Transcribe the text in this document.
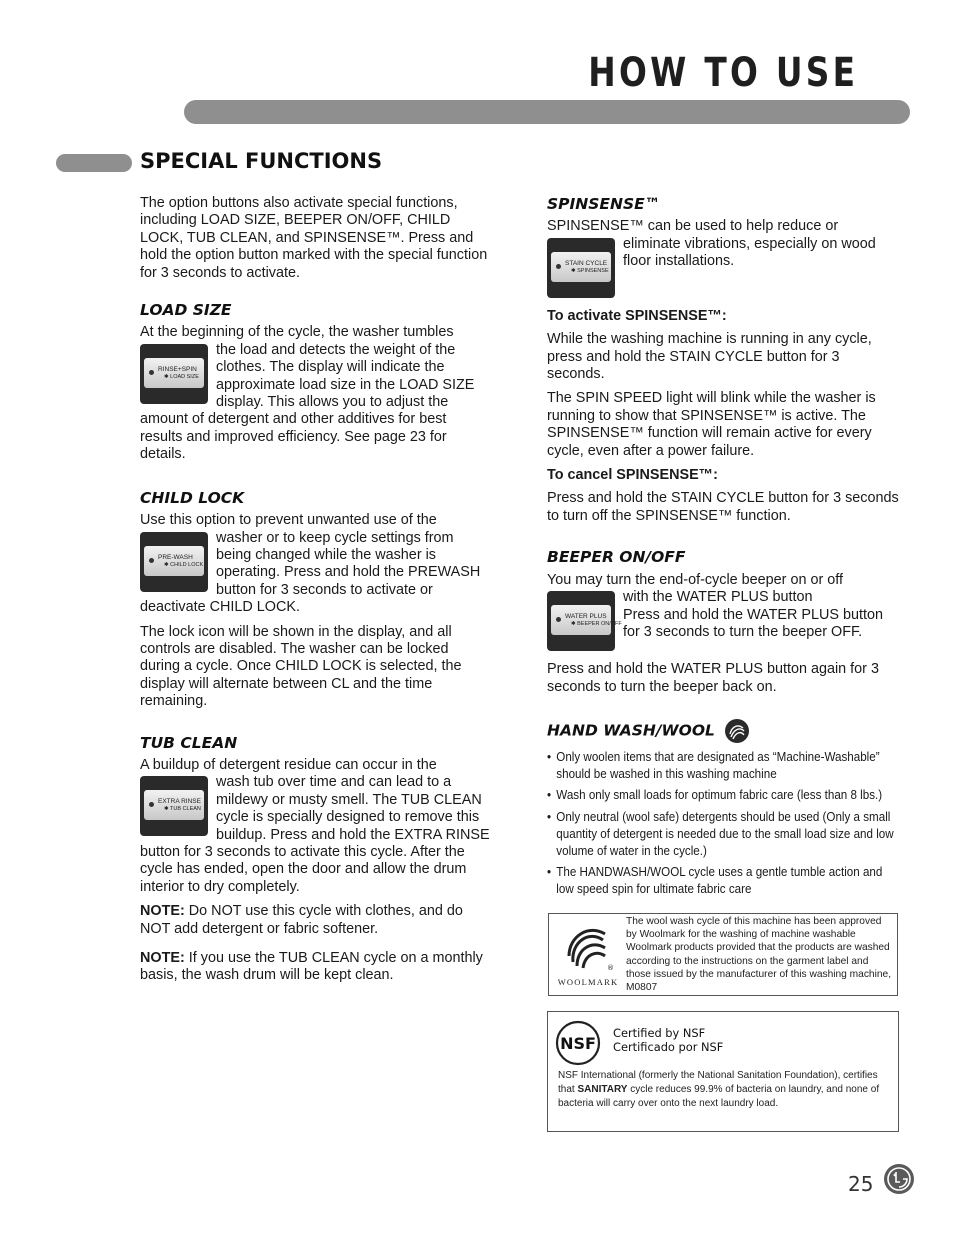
HOW TO USE
SPECIAL FUNCTIONS

The option buttons also activate special functions, including LOAD SIZE, BEEPER ON/OFF, CHILD LOCK, TUB CLEAN, and SPINSENSE™. Press and hold the option button marked with the special function for 3 seconds to activate.

LOAD SIZE

At the beginning of the cycle, the washer tumbles

RINSE+SPIN
✱ LOAD SIZE
the load and detects the weight of the clothes. The display will indicate the approximate load size in the LOAD SIZE display. This allows you to adjust the amount of detergent and other additives for best results and improved efficiency. See page 23 for details.

CHILD LOCK

Use this option to prevent unwanted use of the

PRE-WASH
✱ CHILD LOCK
washer or to keep cycle settings from being changed while the washer is operating. Press and hold the PREWASH button for 3 seconds to activate or deactivate CHILD LOCK.

The lock icon will be shown in the display, and all controls are disabled. The washer can be locked during a cycle. Once CHILD LOCK is selected, the display will alternate between CL and the time remaining.

TUB CLEAN

A buildup of detergent residue can occur in the

EXTRA RINSE
✱ TUB CLEAN
wash tub over time and can lead to a mildewy or musty smell. The TUB CLEAN cycle is specially designed to remove this buildup. Press and hold the EXTRA RINSE button for 3 seconds to activate this cycle. After the cycle has ended, open the door and allow the drum interior to dry completely.

NOTE: Do NOT use this cycle with clothes, and do NOT add detergent or fabric softener.

NOTE: If you use the TUB CLEAN cycle on a monthly basis, the wash drum will be kept clean.

SPINSENSE™

SPINSENSE™ can be used to help reduce or

STAIN CYCLE
✱ SPINSENSE
eliminate vibrations, especially on wood floor installations.

To activate SPINSENSE™:

While the washing machine is running in any cycle, press and hold the STAIN CYCLE button for 3 seconds.

The SPIN SPEED light will blink while the washer is running to show that SPINSENSE™ is active. The SPINSENSE™ function will remain active for every cycle, even after a power failure.

To cancel SPINSENSE™:

Press and hold the STAIN CYCLE button for 3 seconds to turn off the SPINSENSE™ function.

BEEPER ON/OFF

You may turn the end-of-cycle beeper on or off

WATER PLUS
✱ BEEPER ON/OFF
with the WATER PLUS button
Press and hold the WATER PLUS button for 3 seconds to turn the beeper OFF.

Press and hold the WATER PLUS button again for 3 seconds to turn the beeper back on.

HAND WASH/WOOL
• Only woolen items that are designated as “Machine-Washable” should be washed in this washing machine
• Wash only small loads for optimum fabric care (less than 8 lbs.)
• Only neutral (wool safe) detergents should be used (Only a small quantity of detergent is needed due to the small load size and low volume of water in the cycle.)
• The HANDWASH/WOOL cycle uses a gentle tumble action and low speed spin for ultimate fabric care
®
WOOLMARK
The wool wash cycle of this machine has been approved by Woolmark for the washing of machine washable Woolmark products provided that the products are washed according to the instructions on the garment label and those issued by the manufacturer of this washing machine, M0807
NSF
Certified by NSF
Certificado por NSF
NSF International (formerly the National Sanitation Foundation), certifies that SANITARY cycle reduces 99.9% of bacteria on laundry, and none of bacteria will carry over onto the next laundry load.
25
